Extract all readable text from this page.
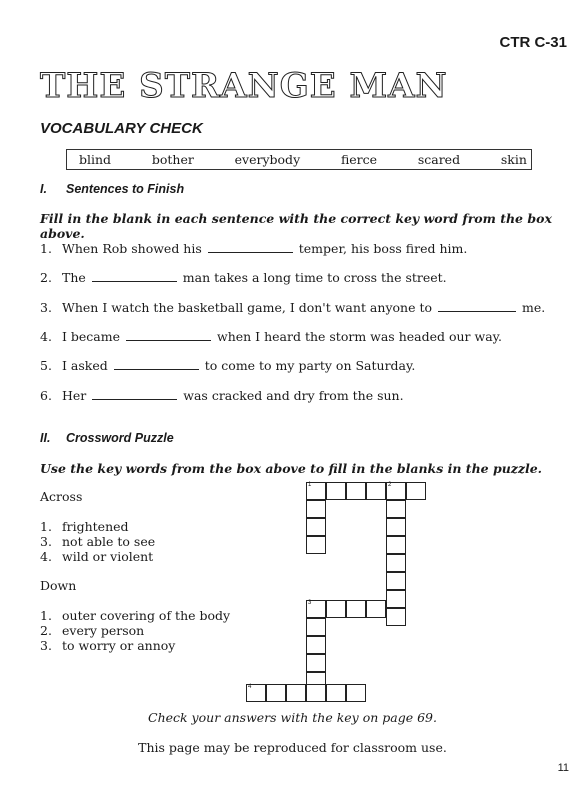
CTR C-31
THE STRANGE MAN
VOCABULARY CHECK
blind	bother	everybody	fierce	scared	skin
I. Sentences to Finish
Fill in the blank in each sentence with the correct key word from the box above.
1. When Rob showed his	temper, his boss fired him.
2. The	man takes a long time to cross the street.
3. When I watch the basketball game, I don't want anyone to	me.
4. I became	when I heard the storm was headed our way.
5. I asked	to come to my party on Saturday.
6. Her	was cracked and dry from the sun.
II. Crossword Puzzle
Use the key words from the box above to fill in the blanks in the puzzle.
Across
1. frightened
3. not able to see
4. wild or violent
Down
1. outer covering of the body
2. every person
3. to worry or annoy
1	2
3
4
Check your answers with the key on page 69.
This page may be reproduced for classroom use.
11
